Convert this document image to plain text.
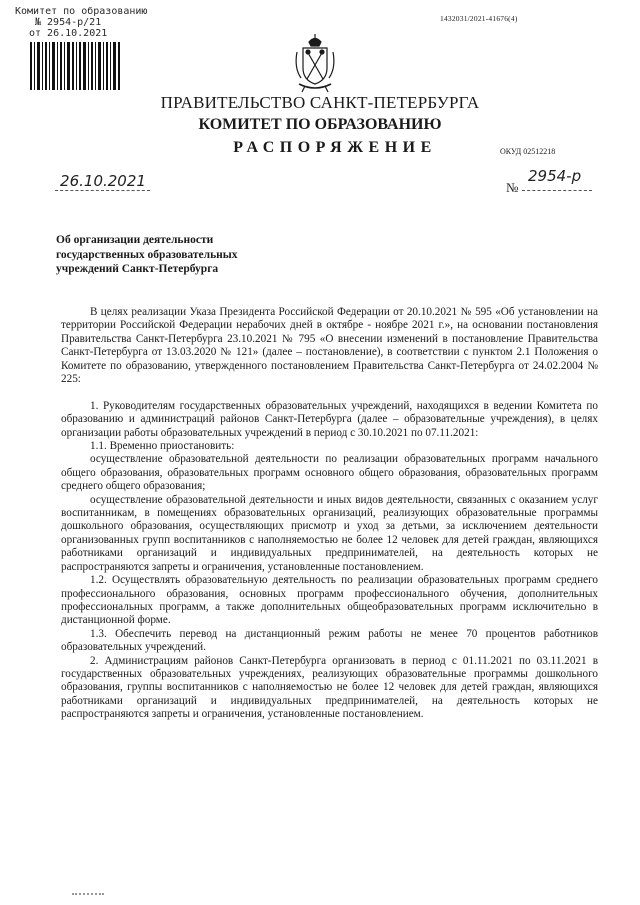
Комитет по образованию
№ 2954-р/21
от 26.10.2021
1432031/2021-41676(4)
ПРАВИТЕЛЬСТВО САНКТ-ПЕТЕРБУРГА
КОМИТЕТ ПО ОБРАЗОВАНИЮ
РАСПОРЯЖЕНИЕ	ОКУД 02512218
26.10.2021	№
2954-р
Об организации деятельности
государственных образовательных
учреждений Санкт-Петербурга

В целях реализации Указа Президента Российской Федерации от 20.10.2021 № 595 «Об установлении на территории Российской Федерации нерабочих дней в октябре - ноябре 2021 г.», на основании постановления Правительства Санкт-Петербурга 23.10.2021 № 795 «О внесении изменений в постановление Правительства Санкт-Петербурга от 13.03.2020 № 121» (далее – постановление), в соответствии с пунктом 2.1 Положения о Комитете по образованию, утвержденного постановлением Правительства Санкт-Петербурга от 24.02.2004 № 225:

1. Руководителям государственных образовательных учреждений, находящихся в ведении Комитета по образованию и администраций районов Санкт-Петербурга (далее – образовательные учреждения), в целях организации работы образовательных учреждений в период с 30.10.2021 по 07.11.2021:

1.1. Временно приостановить:

осуществление образовательной деятельности по реализации образовательных программ начального общего образования, образовательных программ основного общего образования, образовательных программ среднего общего образования;

осуществление образовательной деятельности и иных видов деятельности, связанных с оказанием услуг воспитанникам, в помещениях образовательных организаций, реализующих образовательные программы дошкольного образования, осуществляющих присмотр и уход за детьми, за исключением деятельности организованных групп воспитанников с наполняемостью не более 12 человек для детей граждан, являющихся работниками организаций и индивидуальных предпринимателей, на деятельность которых не распространяются запреты и ограничения, установленные постановлением.

1.2. Осуществлять образовательную деятельность по реализации образовательных программ среднего профессионального образования, основных программ профессионального обучения, дополнительных профессиональных программ, а также дополнительных общеобразовательных программ исключительно в дистанционной форме.

1.3. Обеспечить перевод на дистанционный режим работы не менее 70 процентов работников образовательных учреждений.

2. Администрациям районов Санкт-Петербурга организовать в период с 01.11.2021 по 03.11.2021 в государственных образовательных учреждениях, реализующих образовательные программы дошкольного образования, группы воспитанников с наполняемостью не более 12 человек для детей граждан, являющихся работниками организаций и индивидуальных предпринимателей, на деятельность которых не распространяются запреты и ограничения, установленные постановлением.
